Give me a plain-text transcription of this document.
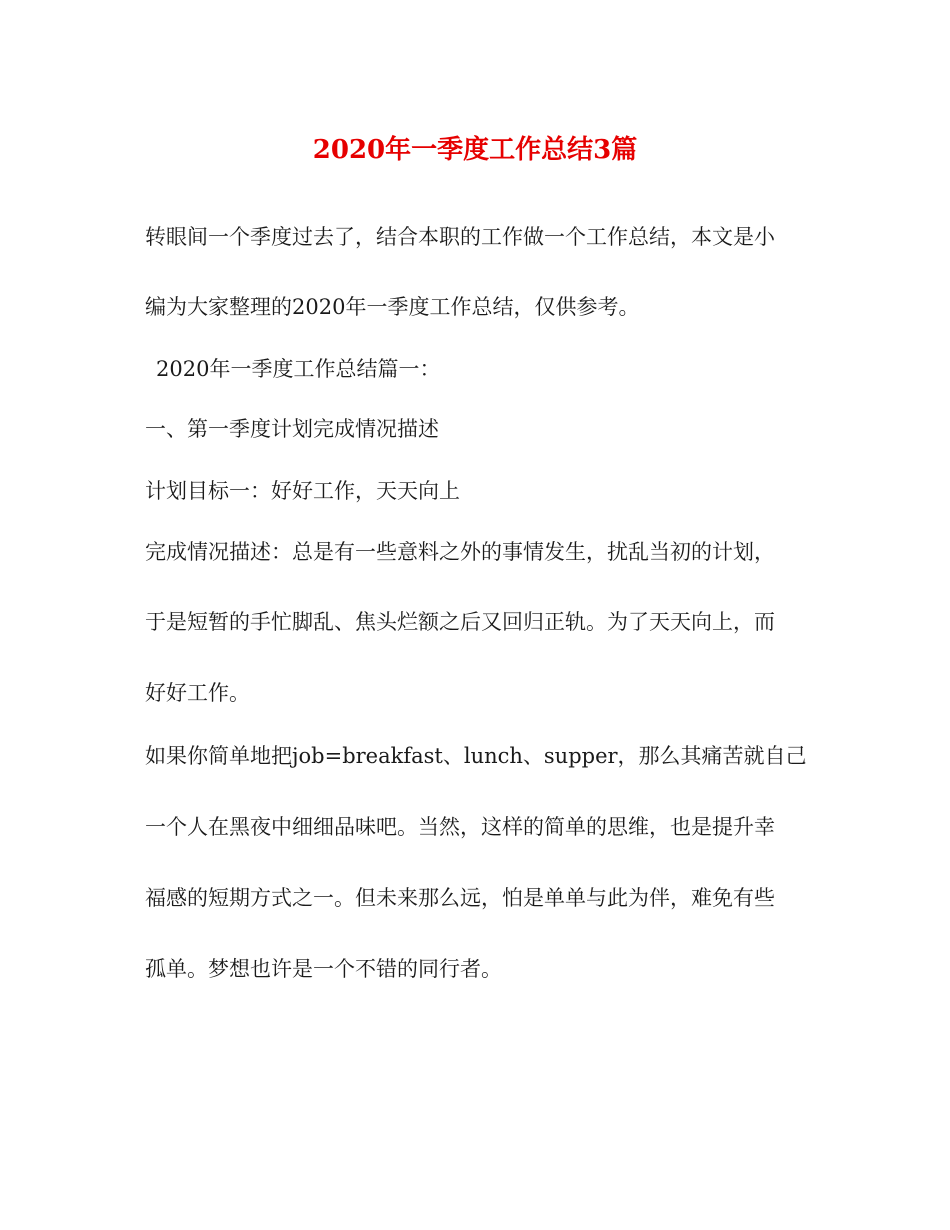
2020年一季度工作总结3篇

转眼间一个季度过去了，结合本职的工作做一个工作总结，本文是小

编为大家整理的2020年一季度工作总结，仅供参考。

2020年一季度工作总结篇一：

一、第一季度计划完成情况描述

计划目标一：好好工作，天天向上

完成情况描述：总是有一些意料之外的事情发生，扰乱当初的计划，

于是短暂的手忙脚乱、焦头烂额之后又回归正轨。为了天天向上，而

好好工作。

如果你简单地把job=breakfast、lunch、supper，那么其痛苦就自己

一个人在黑夜中细细品味吧。当然，这样的简单的思维，也是提升幸

福感的短期方式之一。但未来那么远，怕是单单与此为伴，难免有些

孤单。梦想也许是一个不错的同行者。
